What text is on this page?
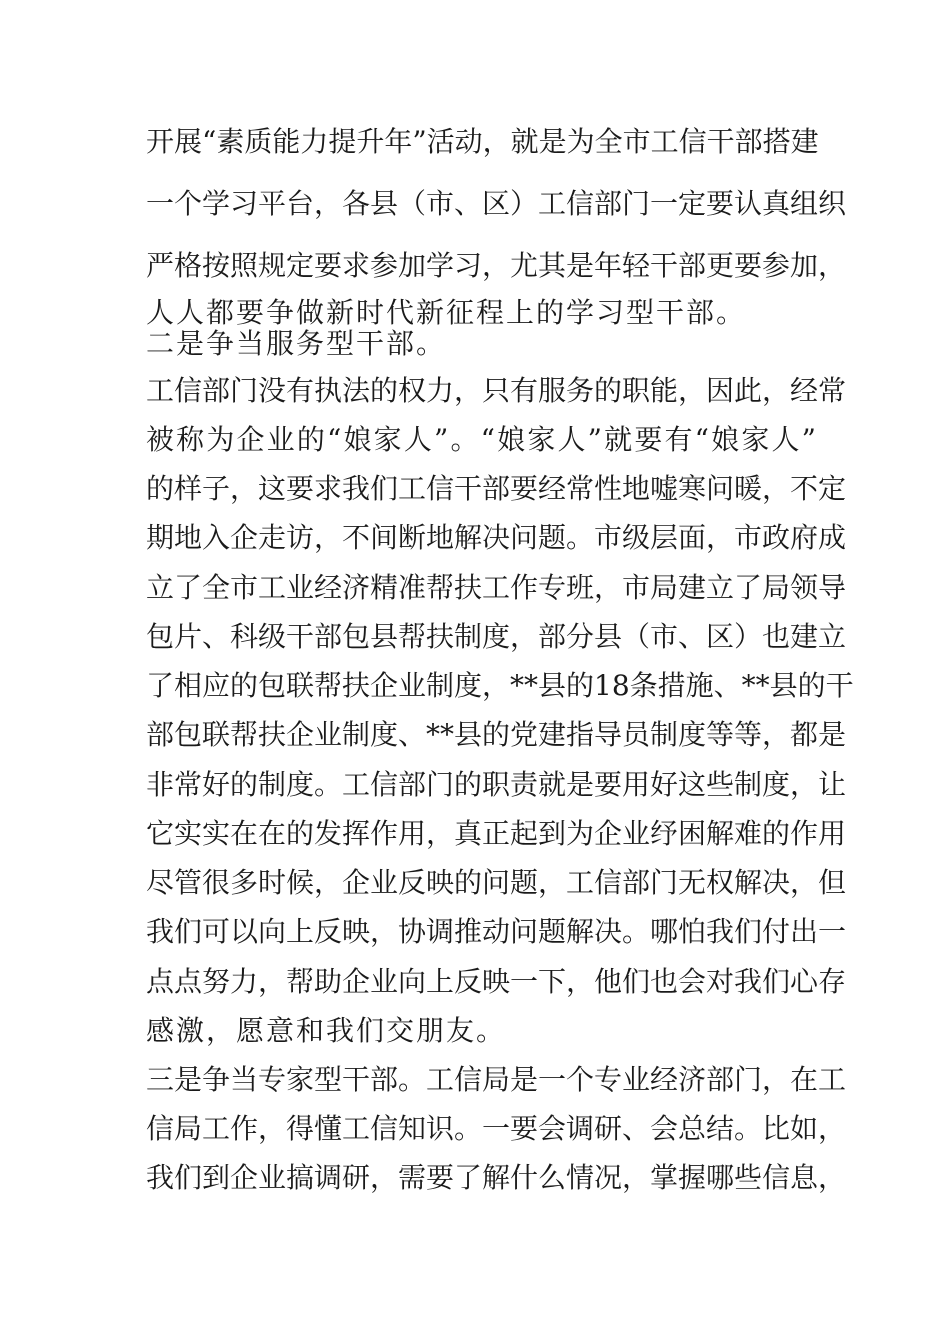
开展“素质能力提升年”活动，就是为全市工信干部搭建
一个学习平台，各县（市、区）工信部门一定要认真组织
严格按照规定要求参加学习，尤其是年轻干部更要参加，
人人都要争做新时代新征程上的学习型干部。
二是争当服务型干部。
工信部门没有执法的权力，只有服务的职能，因此，经常
被称为企业的“娘家人”。“娘家人”就要有“娘家人”
的样子，这要求我们工信干部要经常性地嘘寒问暖，不定
期地入企走访，不间断地解决问题。市级层面，市政府成
立了全市工业经济精准帮扶工作专班，市局建立了局领导
包片、科级干部包县帮扶制度，部分县（市、区）也建立
了相应的包联帮扶企业制度，**县的18条措施、**县的干
部包联帮扶企业制度、**县的党建指导员制度等等，都是
非常好的制度。工信部门的职责就是要用好这些制度，让
它实实在在的发挥作用，真正起到为企业纾困解难的作用
尽管很多时候，企业反映的问题，工信部门无权解决，但
我们可以向上反映，协调推动问题解决。哪怕我们付出一
点点努力，帮助企业向上反映一下，他们也会对我们心存
感激，愿意和我们交朋友。
三是争当专家型干部。工信局是一个专业经济部门，在工
信局工作，得懂工信知识。一要会调研、会总结。比如，
我们到企业搞调研，需要了解什么情况，掌握哪些信息，
